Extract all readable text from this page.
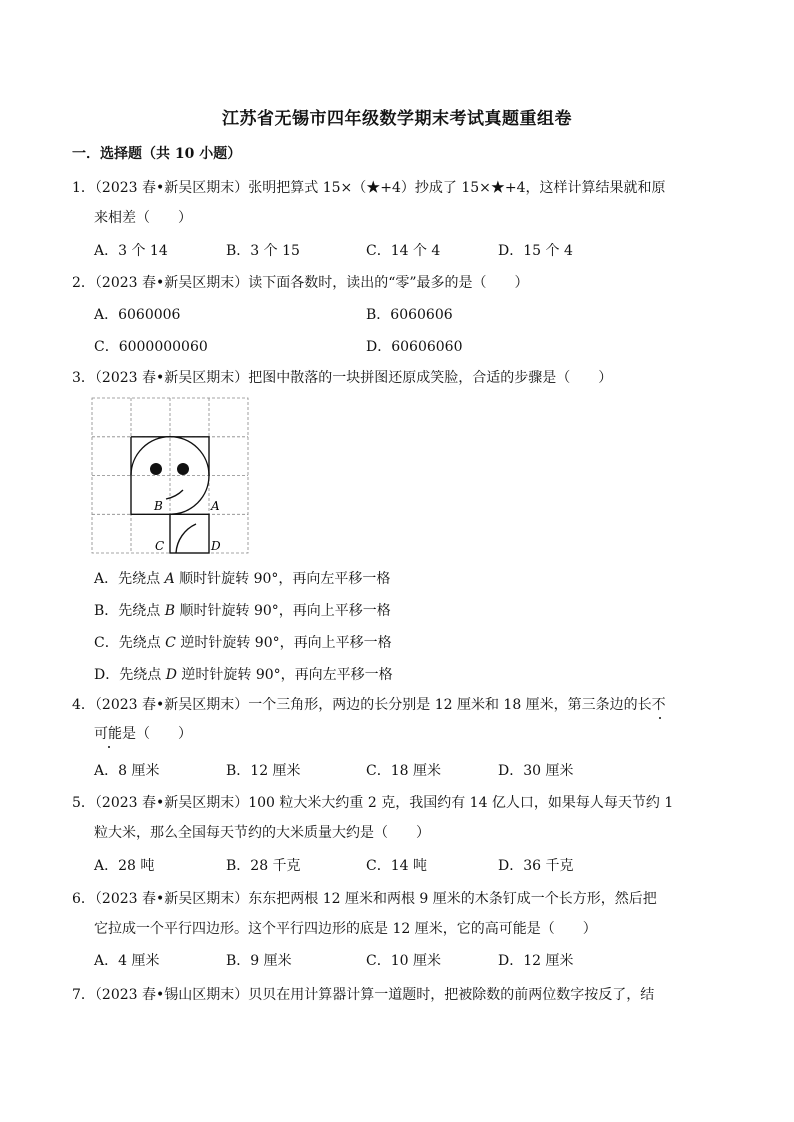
江苏省无锡市四年级数学期末考试真题重组卷
一．选择题（共 10 小题）
1．（2023 春•新吴区期末）张明把算式 15×（★+4）抄成了 15×★+4，这样计算结果就和原
来相差（　　）
A．3 个 14	B．3 个 15	C．14 个 4	D．15 个 4
2．（2023 春•新吴区期末）读下面各数时，读出的“零”最多的是（　　）
A．6060006	B．6060606
C．6000000060	D．60606060
3．（2023 春•新吴区期末）把图中散落的一块拼图还原成笑脸，合适的步骤是（　　）
B	A
C	D
A．先绕点 A 顺时针旋转 90°，再向左平移一格
B．先绕点 B 顺时针旋转 90°，再向上平移一格
C．先绕点 C 逆时针旋转 90°，再向上平移一格
D．先绕点 D 逆时针旋转 90°，再向左平移一格
4．（2023 春•新吴区期末）一个三角形，两边的长分别是 12 厘米和 18 厘米，第三条边的长不
可能是（　　）
A．8 厘米	B．12 厘米	C．18 厘米	D．30 厘米
5．（2023 春•新吴区期末）100 粒大米大约重 2 克，我国约有 14 亿人口，如果每人每天节约 1
粒大米，那么全国每天节约的大米质量大约是（　　）
A．28 吨	B．28 千克	C．14 吨	D．36 千克
6．（2023 春•新吴区期末）东东把两根 12 厘米和两根 9 厘米的木条钉成一个长方形，然后把
它拉成一个平行四边形。这个平行四边形的底是 12 厘米，它的高可能是（　　）
A．4 厘米	B．9 厘米	C．10 厘米	D．12 厘米
7．（2023 春•锡山区期末）贝贝在用计算器计算一道题时，把被除数的前两位数字按反了，结
